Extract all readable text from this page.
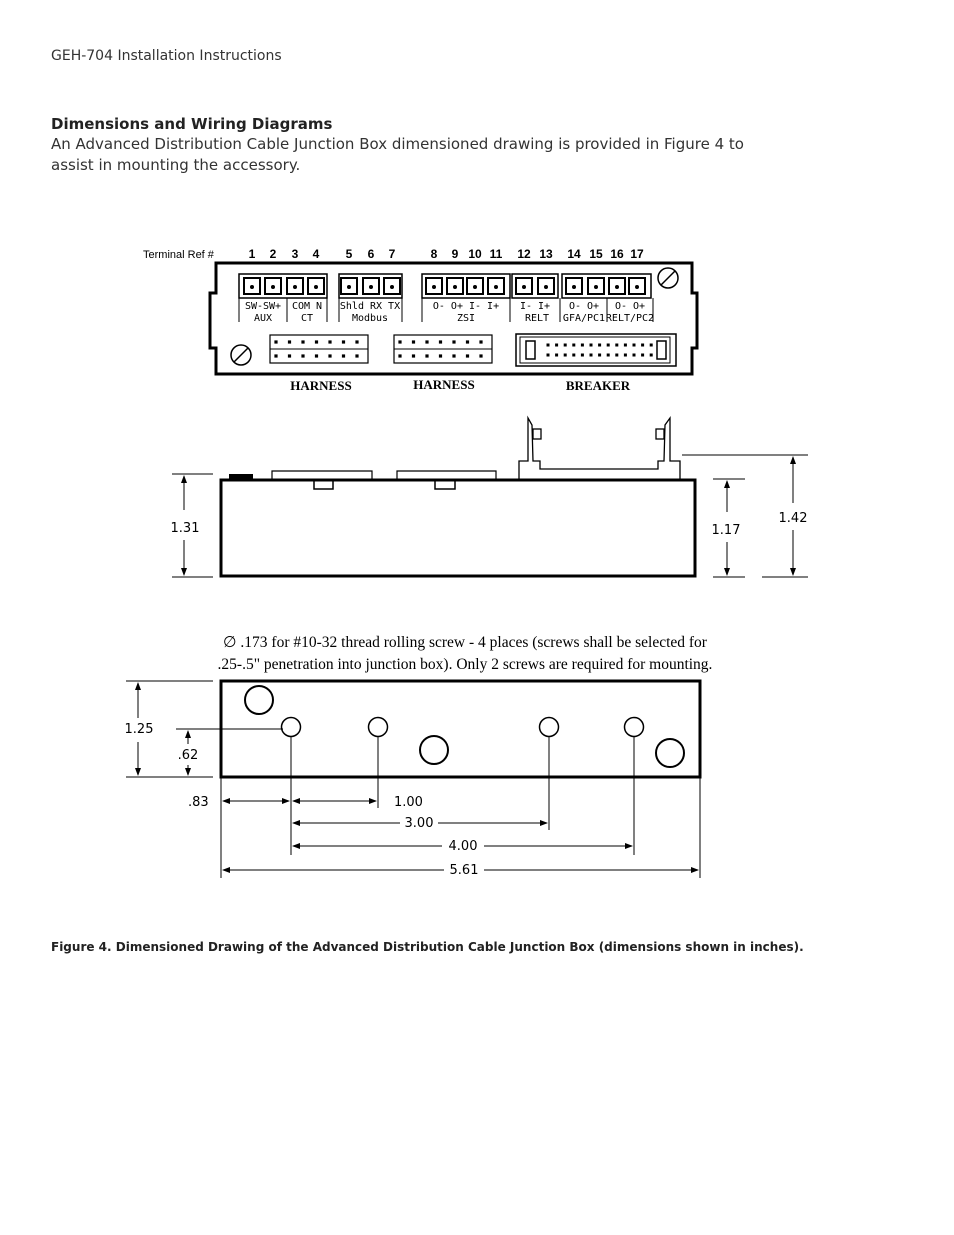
GEH-704 Installation Instructions
Dimensions and Wiring Diagrams
An Advanced Distribution Cable Junction Box dimensioned drawing is provided in Figure 4 to assist in mounting the accessory.
Terminal Ref #	1 2 3 4 5 6 7	8 9 10 11 12 13 14 15 16 17
SW-SW+ COM N Shld RX TX	O- O+ I- I+ I- I+ O- O+ O- O+
AUX	CT	Modbus	ZSI	RELT GFA/PC1 RELT/PC2
HARNESS	HARNESS	BREAKER
1.31	1.17
1.42
∅ .173 for #10-32 thread rolling screw - 4 places (screws shall be selected for
.25-.5" penetration into junction box). Only 2 screws are required for mounting.
1.25
.62
.83	1.00
3.00
4.00
5.61
Figure 4. Dimensioned Drawing of the Advanced Distribution Cable Junction Box (dimensions shown in inches).
